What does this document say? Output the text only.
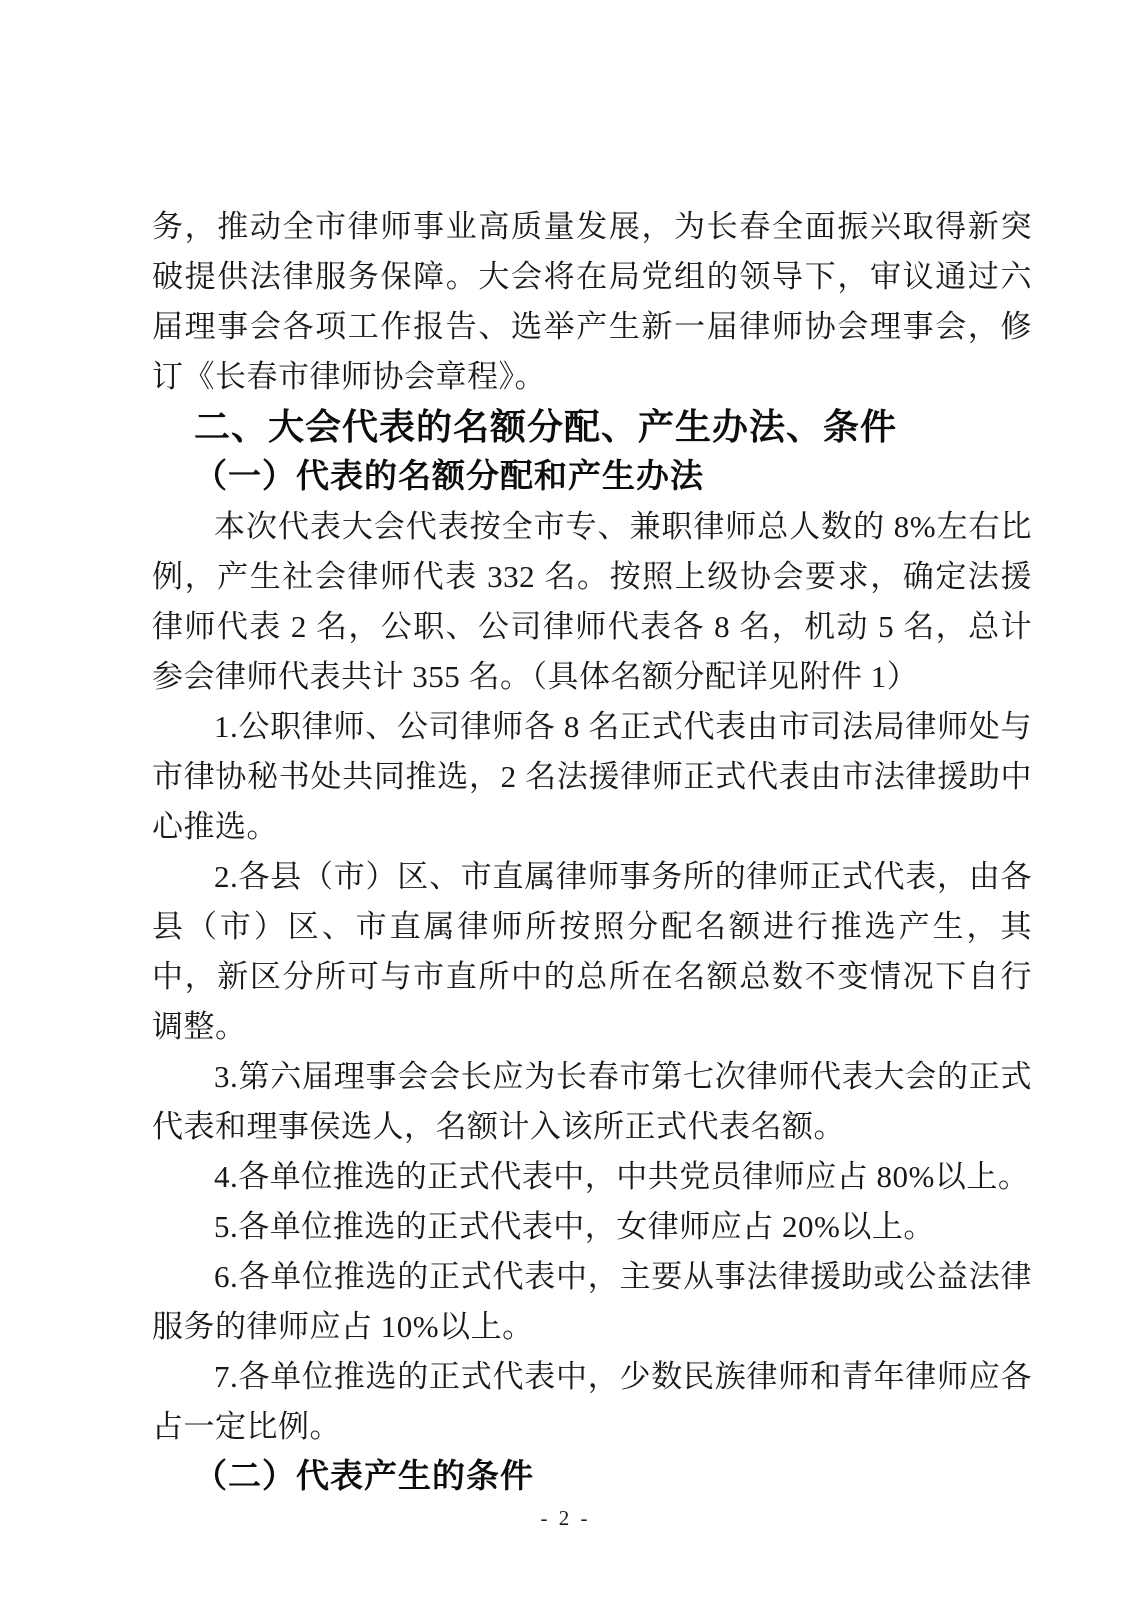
务，推动全市律师事业高质量发展，为长春全面振兴取得新突破提供法律服务保障。大会将在局党组的领导下，审议通过六届理事会各项工作报告、选举产生新一届律师协会理事会，修订《长春市律师协会章程》。

二、大会代表的名额分配、产生办法、条件
（一）代表的名额分配和产生办法

本次代表大会代表按全市专、兼职律师总人数的 8%左右比例，产生社会律师代表 332 名。按照上级协会要求，确定法援律师代表 2 名，公职、公司律师代表各 8 名，机动 5 名，总计参会律师代表共计 355 名。（具体名额分配详见附件 1）

1.公职律师、公司律师各 8 名正式代表由市司法局律师处与市律协秘书处共同推选，2 名法援律师正式代表由市法律援助中心推选。

2.各县（市）区、市直属律师事务所的律师正式代表，由各县（市）区、市直属律师所按照分配名额进行推选产生，其中，新区分所可与市直所中的总所在名额总数不变情况下自行调整。

3.第六届理事会会长应为长春市第七次律师代表大会的正式代表和理事侯选人，名额计入该所正式代表名额。

4.各单位推选的正式代表中，中共党员律师应占 80%以上。

5.各单位推选的正式代表中，女律师应占 20%以上。

6.各单位推选的正式代表中，主要从事法律援助或公益法律服务的律师应占 10%以上。

7.各单位推选的正式代表中，少数民族律师和青年律师应各占一定比例。

（二）代表产生的条件
- 2 -
